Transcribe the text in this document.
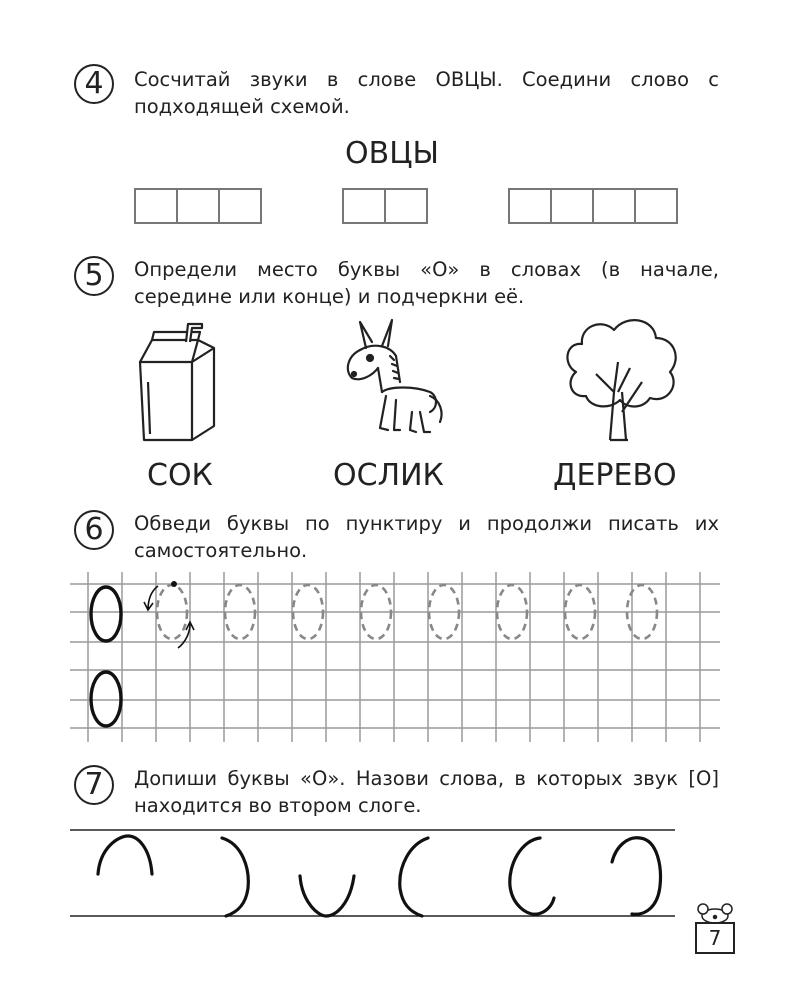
4	Сосчитай звуки в слове ОВЦЫ. Соедини слово с подходящей схемой.
ОВЦЫ
5	Определи место буквы «О» в словах (в начале, середине или конце) и подчеркни её.
СОК	ОСЛИК	ДЕРЕВО
6	Обведи буквы по пунктиру и продолжи писать их самостоятельно.
7	Допиши буквы «О». Назови слова, в которых звук [О] находится во втором слоге.
7
